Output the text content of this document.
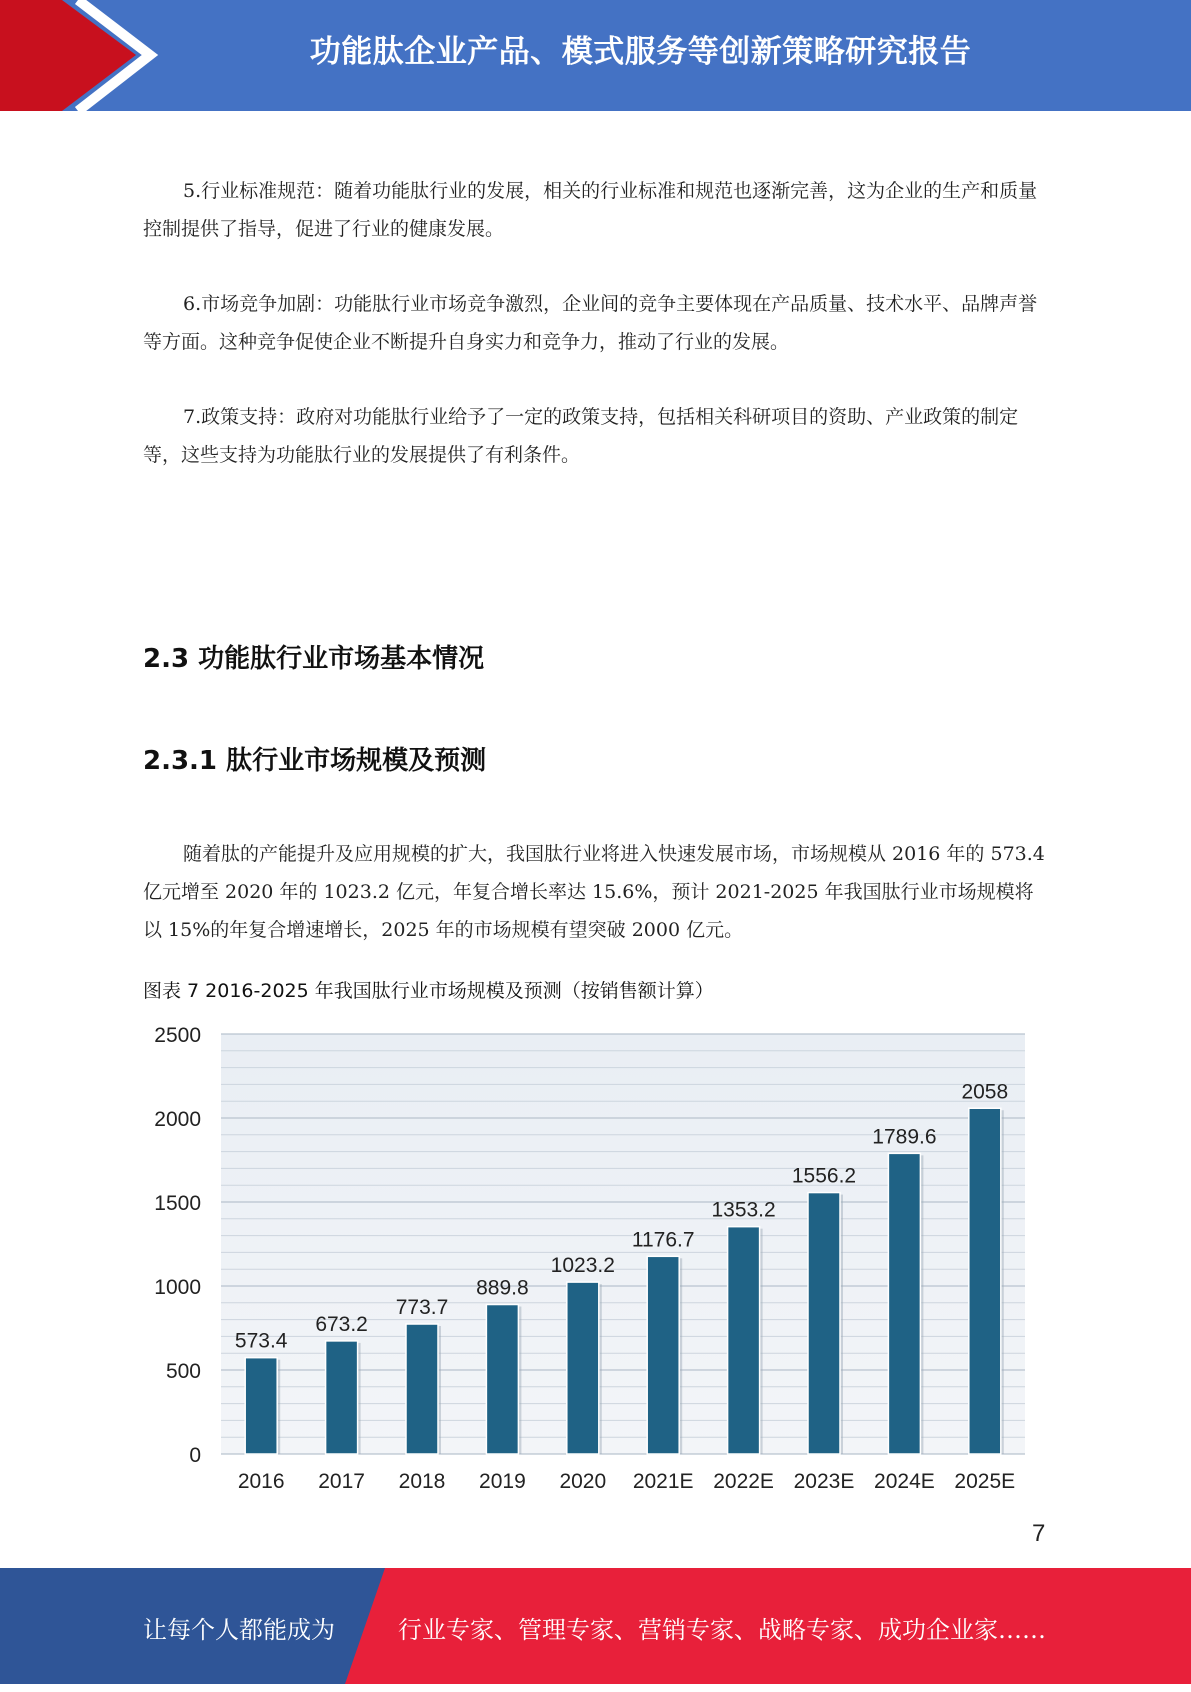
功能肽企业产品、模式服务等创新策略研究报告

5.行业标准规范：随着功能肽行业的发展，相关的行业标准和规范也逐渐完善，这为企业的生产和质量控制提供了指导，促进了行业的健康发展。

6.市场竞争加剧：功能肽行业市场竞争激烈，企业间的竞争主要体现在产品质量、技术水平、品牌声誉等方面。这种竞争促使企业不断提升自身实力和竞争力，推动了行业的发展。

7.政策支持：政府对功能肽行业给予了一定的政策支持，包括相关科研项目的资助、产业政策的制定等，这些支持为功能肽行业的发展提供了有利条件。

2.3 功能肽行业市场基本情况
2.3.1 肽行业市场规模及预测

随着肽的产能提升及应用规模的扩大，我国肽行业将进入快速发展市场，市场规模从 2016 年的 573.4 亿元增至 2020 年的 1023.2 亿元，年复合增长率达 15.6%，预计 2021-2025 年我国肽行业市场规模将以 15%的年复合增速增长，2025 年的市场规模有望突破 2000 亿元。

图表 7 2016-2025 年我国肽行业市场规模及预测（按销售额计算）
573.4
673.2
773.7
889.8
1023.2
1176.7
1353.2
1556.2
1789.6
2058
0
500
1000
1500
2000
2500
2016 2017 2018 2019 2020 2021E 2022E 2023E 2024E 2025E
7
让每个人都能成为	行业专家、管理专家、营销专家、战略专家、成功企业家……
